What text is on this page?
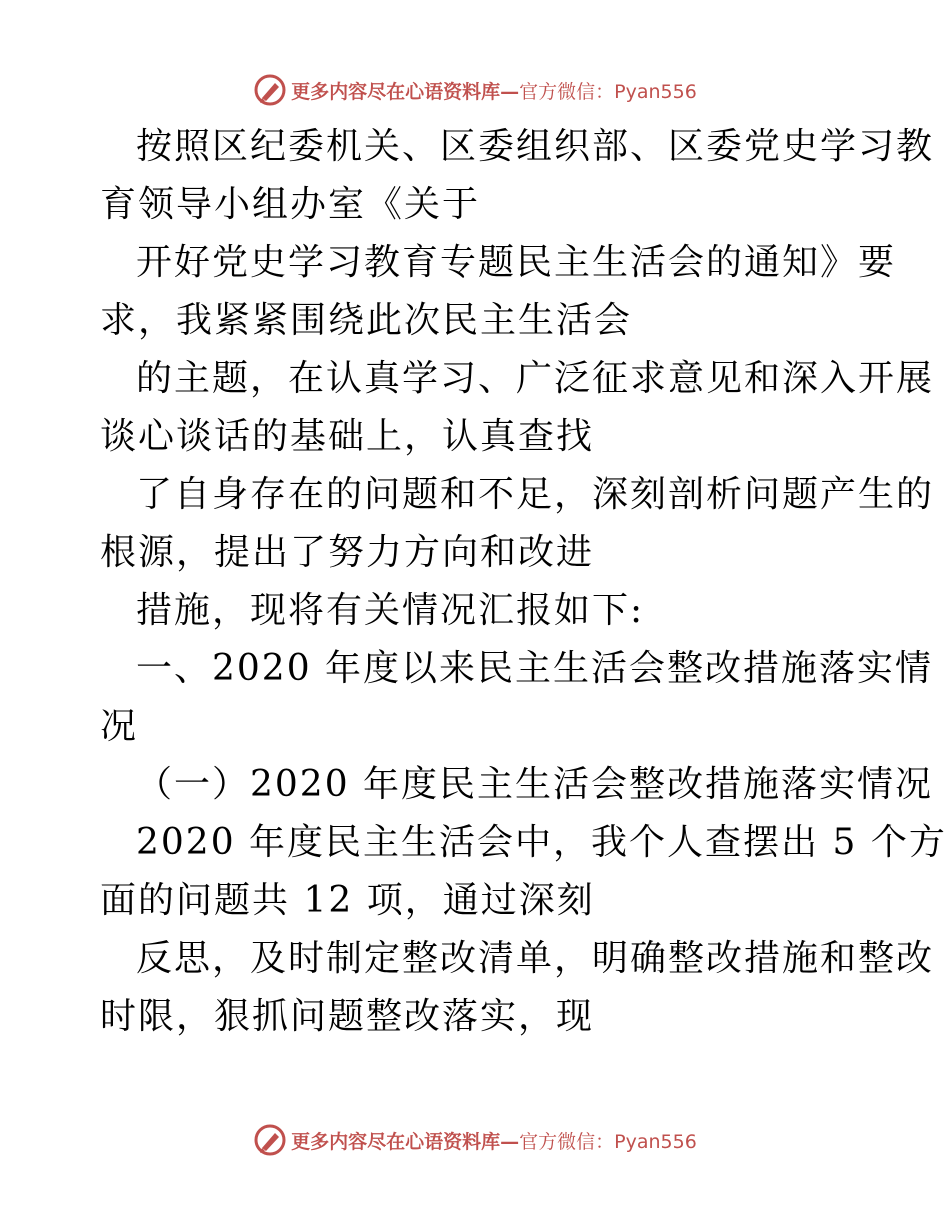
更多内容尽在心语资料库— 官方微信：Pyan556
按照区纪委机关、区委组织部、区委党史学习教
育领导小组办室《关于
开好党史学习教育专题民主生活会的通知》要
求，我紧紧围绕此次民主生活会
的主题，在认真学习、广泛征求意见和深入开展
谈心谈话的基础上，认真查找
了自身存在的问题和不足，深刻剖析问题产生的
根源，提出了努力方向和改进
措施，现将有关情况汇报如下:
一、2020 年度以来民主生活会整改措施落实情
况
（一）2020 年度民主生活会整改措施落实情况
2020 年度民主生活会中，我个人查摆出 5 个方
面的问题共 12 项，通过深刻
反思，及时制定整改清单，明确整改措施和整改
时限，狠抓问题整改落实，现
更多内容尽在心语资料库— 官方微信：Pyan556
